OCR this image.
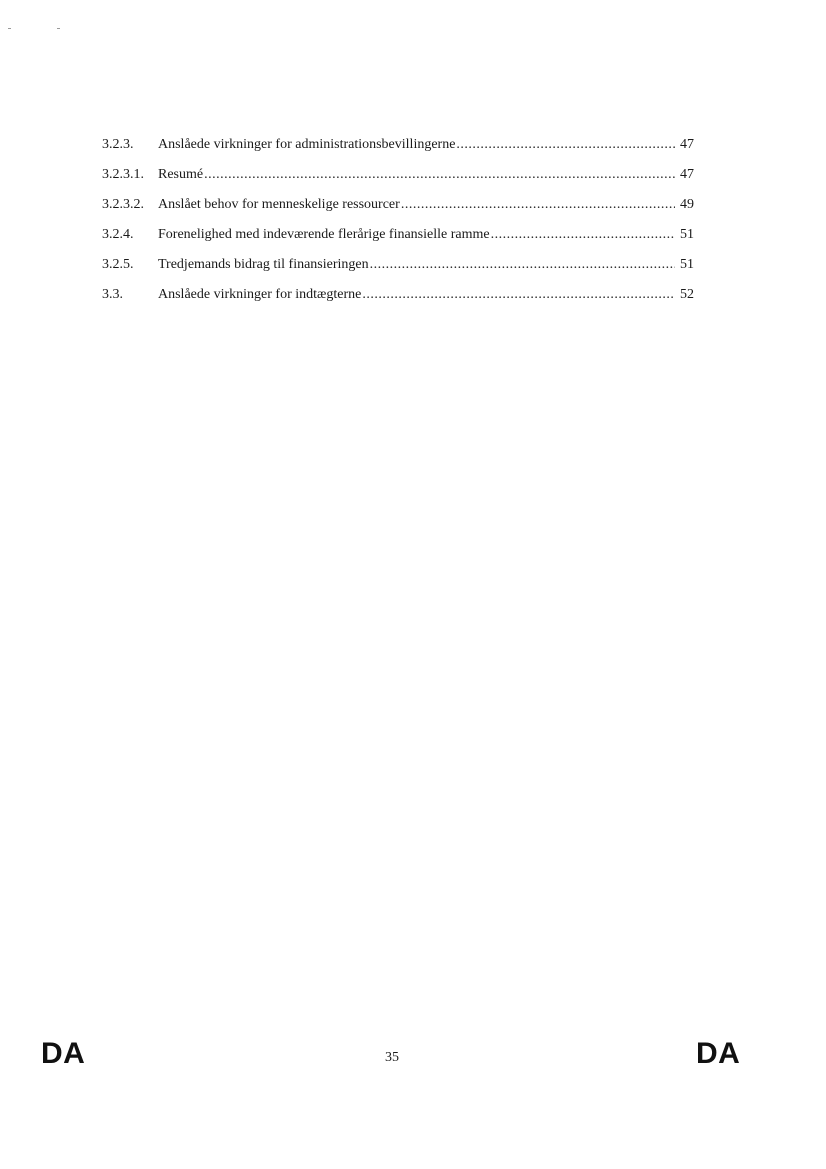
3.2.3.	Anslåede virkninger for administrationsbevillingerne .....	47
3.2.3.1.	Resumé .....	47
3.2.3.2.	Anslået behov for menneskelige ressourcer .....	49
3.2.4.	Forenelighed med indeværende flerårige finansielle ramme .....	51
3.2.5.	Tredjemands bidrag til finansieringen .....	51
3.3.	Anslåede virkninger for indtægterne .....	52
DA	35	DA
